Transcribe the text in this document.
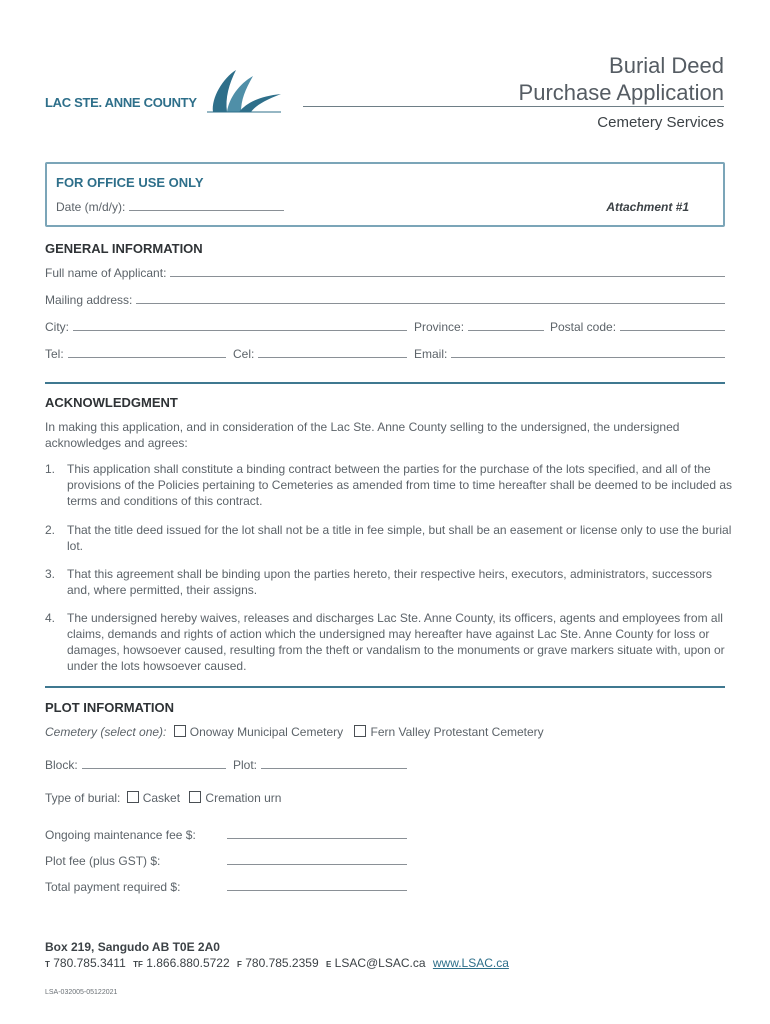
LAC STE. ANNE COUNTY
Burial Deed
Purchase Application
Cemetery Services
FOR OFFICE USE ONLY
Date (m/d/y):	Attachment #1
GENERAL INFORMATION
Full name of Applicant:
Mailing address:
City:	Province:	Postal code:
Tel:	Cel:	Email:
ACKNOWLEDGMENT
In making this application, and in consideration of the Lac Ste. Anne County selling to the undersigned, the undersigned acknowledges and agrees:
1. This application shall constitute a binding contract between the parties for the purchase of the lots specified, and all of the provisions of the Policies pertaining to Cemeteries as amended from time to time hereafter shall be deemed to be included as terms and conditions of this contract.
2. That the title deed issued for the lot shall not be a title in fee simple, but shall be an easement or license only to use the burial lot.
3. That this agreement shall be binding upon the parties hereto, their respective heirs, executors, administrators, successors and, where permitted, their assigns.
4. The undersigned hereby waives, releases and discharges Lac Ste. Anne County, its officers, agents and employees from all claims, demands and rights of action which the undersigned may hereafter have against Lac Ste. Anne County for loss or damages, howsoever caused, resulting from the theft or vandalism to the monuments or grave markers situate with, upon or under the lots howsoever caused.
PLOT INFORMATION
Cemetery (select one): Onoway Municipal Cemetery Fern Valley Protestant Cemetery
Block:	Plot:
Type of burial: Casket Cremation urn
Ongoing maintenance fee $:
Plot fee (plus GST) $:
Total payment required $:
Box 219, Sangudo AB T0E 2A0
T 780.785.3411 TF 1.866.880.5722 F 780.785.2359 E LSAC@LSAC.ca www.LSAC.ca
LSA-032005-05122021
